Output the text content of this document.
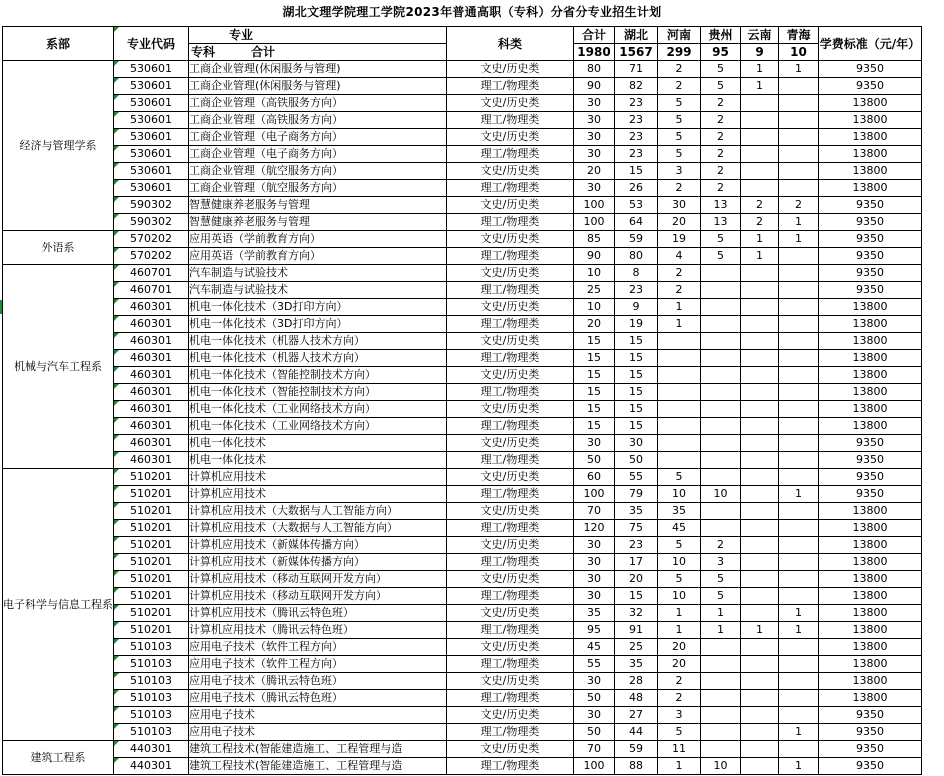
湖北文理学院理工学院2023年普通高职（专科）分省分专业招生计划
系部	专业代码	专业	科类	合计	湖北	河南	贵州	云南	青海	学费标准（元/年）
		专科　　　合计		1980	1567	299	95	9	10	
经济与管理学系	530601	工商企业管理(休闲服务与管理)	文史/历史类	80	71	2	5	1	1	9350
	530601	工商企业管理(休闲服务与管理)	理工/物理类	90	82	2	5	1		9350
	530601	工商企业管理（高铁服务方向）	文史/历史类	30	23	5	2			13800
	530601	工商企业管理（高铁服务方向）	理工/物理类	30	23	5	2			13800
	530601	工商企业管理（电子商务方向）	文史/历史类	30	23	5	2			13800
	530601	工商企业管理（电子商务方向）	理工/物理类	30	23	5	2			13800
	530601	工商企业管理（航空服务方向）	文史/历史类	20	15	3	2			13800
	530601	工商企业管理（航空服务方向）	理工/物理类	30	26	2	2			13800
	590302	智慧健康养老服务与管理	文史/历史类	100	53	30	13	2	2	9350
	590302	智慧健康养老服务与管理	理工/物理类	100	64	20	13	2	1	9350
外语系	570202	应用英语（学前教育方向）	文史/历史类	85	59	19	5	1	1	9350
	570202	应用英语（学前教育方向）	理工/物理类	90	80	4	5	1		9350
机械与汽车工程系	460701	汽车制造与试验技术	文史/历史类	10	8	2				9350
	460701	汽车制造与试验技术	理工/物理类	25	23	2				9350
	460301	机电一体化技术（3D打印方向）	文史/历史类	10	9	1				13800
	460301	机电一体化技术（3D打印方向）	理工/物理类	20	19	1				13800
	460301	机电一体化技术（机器人技术方向）	文史/历史类	15	15					13800
	460301	机电一体化技术（机器人技术方向）	理工/物理类	15	15					13800
	460301	机电一体化技术（智能控制技术方向）	文史/历史类	15	15					13800
	460301	机电一体化技术（智能控制技术方向）	理工/物理类	15	15					13800
	460301	机电一体化技术（工业网络技术方向）	文史/历史类	15	15					13800
	460301	机电一体化技术（工业网络技术方向）	理工/物理类	15	15					13800
	460301	机电一体化技术	文史/历史类	30	30					9350
	460301	机电一体化技术	理工/物理类	50	50					9350
电子科学与信息工程系	510201	计算机应用技术	文史/历史类	60	55	5				9350
	510201	计算机应用技术	理工/物理类	100	79	10	10		1	9350
	510201	计算机应用技术（大数据与人工智能方向）	文史/历史类	70	35	35				13800
	510201	计算机应用技术（大数据与人工智能方向）	理工/物理类	120	75	45				13800
	510201	计算机应用技术（新媒体传播方向）	文史/历史类	30	23	5	2			13800
	510201	计算机应用技术（新媒体传播方向）	理工/物理类	30	17	10	3			13800
	510201	计算机应用技术（移动互联网开发方向）	文史/历史类	30	20	5	5			13800
	510201	计算机应用技术（移动互联网开发方向）	理工/物理类	30	15	10	5			13800
	510201	计算机应用技术（腾讯云特色班）	文史/历史类	35	32	1	1		1	13800
	510201	计算机应用技术（腾讯云特色班）	理工/物理类	95	91	1	1	1	1	13800
	510103	应用电子技术（软件工程方向）	文史/历史类	45	25	20				13800
	510103	应用电子技术（软件工程方向）	理工/物理类	55	35	20				13800
	510103	应用电子技术（腾讯云特色班）	文史/历史类	30	28	2				13800
	510103	应用电子技术（腾讯云特色班）	理工/物理类	50	48	2				13800
	510103	应用电子技术	文史/历史类	30	27	3				9350
	510103	应用电子技术	理工/物理类	50	44	5			1	9350
建筑工程系	440301	建筑工程技术(智能建造施工、工程管理与造	文史/历史类	70	59	11				9350
	440301	建筑工程技术(智能建造施工、工程管理与造	理工/物理类	100	88	1	10		1	9350
